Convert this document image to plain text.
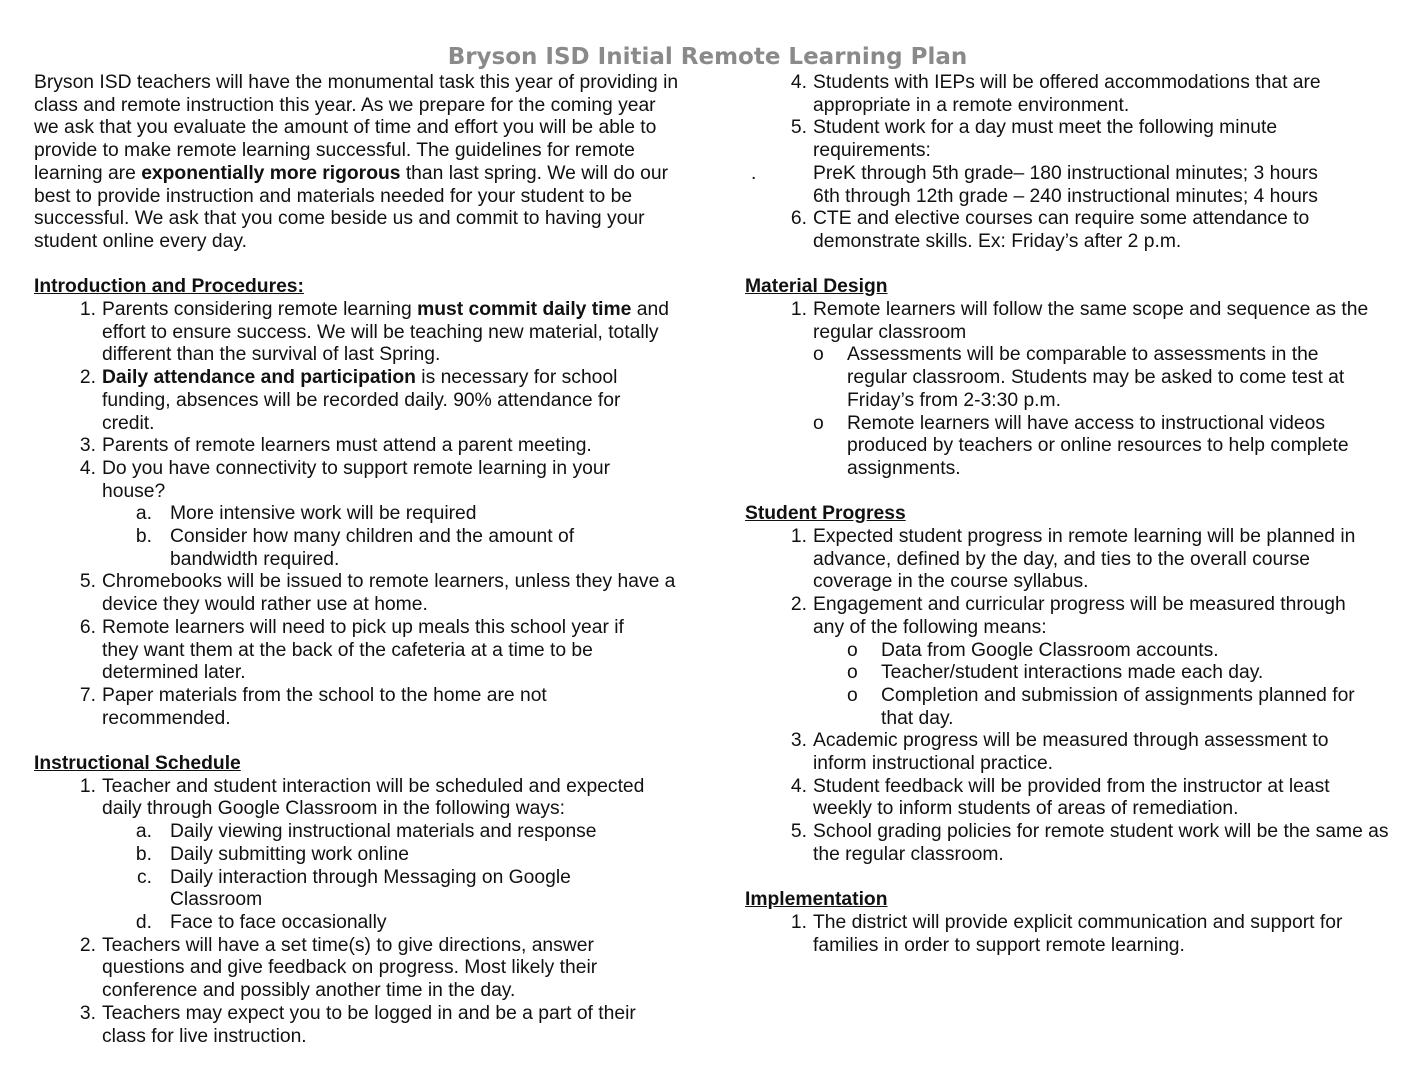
Bryson ISD Initial Remote Learning Plan

Bryson ISD teachers will have the monumental task this year of providing in class and remote instruction this year. As we prepare for the coming year we ask that you evaluate the amount of time and effort you will be able to provide to make remote learning successful. The guidelines for remote learning are exponentially more rigorous than last spring. We will do our best to provide instruction and materials needed for your student to be successful. We ask that you come beside us and commit to having your student online every day.

Introduction and Procedures:
1. Parents considering remote learning must commit daily time and effort to ensure success. We will be teaching new material, totally different than the survival of last Spring.
2. Daily attendance and participation is necessary for school funding, absences will be recorded daily. 90% attendance for credit.
3. Parents of remote learners must attend a parent meeting.
4. Do you have connectivity to support remote learning in your house?
a. More intensive work will be required
b. Consider how many children and the amount of bandwidth required.
5. Chromebooks will be issued to remote learners, unless they have a device they would rather use at home.
6. Remote learners will need to pick up meals this school year if they want them at the back of the cafeteria at a time to be determined later.
7. Paper materials from the school to the home are not recommended.
Instructional Schedule
1. Teacher and student interaction will be scheduled and expected daily through Google Classroom in the following ways:
a. Daily viewing instructional materials and response
b. Daily submitting work online
c. Daily interaction through Messaging on Google Classroom
d. Face to face occasionally
2. Teachers will have a set time(s) to give directions, answer questions and give feedback on progress. Most likely their conference and possibly another time in the day.
3. Teachers may expect you to be logged in and be a part of their class for live instruction.
4. Students with IEPs will be offered accommodations that are appropriate in a remote environment.
5. Student work for a day must meet the following minute requirements:
.	PreK through 5th grade– 180 instructional minutes; 3 hours
6th through 12th grade – 240 instructional minutes; 4 hours
6. CTE and elective courses can require some attendance to demonstrate skills. Ex: Friday’s after 2 p.m.
Material Design
1. Remote learners will follow the same scope and sequence as the regular classroom
o Assessments will be comparable to assessments in the regular classroom. Students may be asked to come test at Friday’s from 2-3:30 p.m.
o Remote learners will have access to instructional videos produced by teachers or online resources to help complete assignments.
Student Progress
1. Expected student progress in remote learning will be planned in advance, defined by the day, and ties to the overall course coverage in the course syllabus.
2. Engagement and curricular progress will be measured through any of the following means:
o Data from Google Classroom accounts.
o Teacher/student interactions made each day.
o Completion and submission of assignments planned for that day.
3. Academic progress will be measured through assessment to inform instructional practice.
4. Student feedback will be provided from the instructor at least weekly to inform students of areas of remediation.
5. School grading policies for remote student work will be the same as the regular classroom.
Implementation
1. The district will provide explicit communication and support for families in order to support remote learning.
